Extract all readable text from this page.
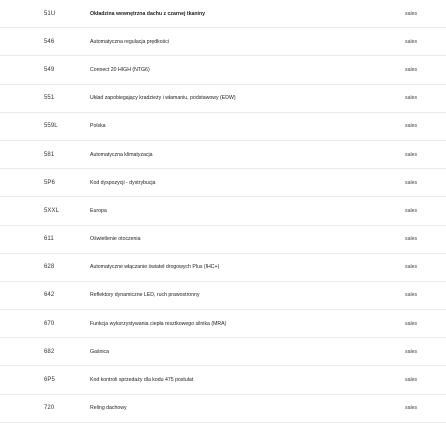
51U	Okładzina wewnętrzna dachu z czarnej tkaniny	sales
546	Automatyczna regulacja prędkości	sales
549	Connect 20 HIGH (NTG6)	sales
551	Układ zapobiegający kradzieży i włamaniu, podstawowy (EDW)	sales
559L	Polska	sales
581	Automatyczna klimatyzacja	sales
5P6	Kod dyspozycji - dystrybucja	sales
5XXL	Europa	sales
611	Oświetlenie otoczenia	sales
628	Automatyczne włączanie świateł drogowych Plus (IHC+)	sales
642	Reflektory dynamiczne LED, ruch prawostronny	sales
670	Funkcja wykorzystywania ciepła resztkowego silnika (MRA)	sales
682	Gaśnica	sales
6P5	Kod kontroli sprzedaży dla kodu 475 postulat	sales
720	Reling dachowy	sales
